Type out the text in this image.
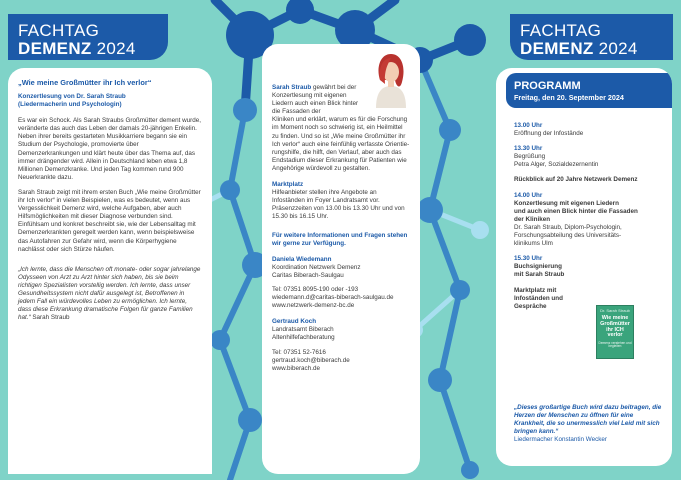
FACHTAG
DEMENZ 2024
„Wie meine Großmütter ihr Ich verlor“
Konzertlesung von Dr. Sarah Straub
(Liedermacherin und Psychologin)

Es war ein Schock. Als Sarah Straubs Großmütter dement wurde, veränderte das auch das Leben der damals 20-jährigen Enkelin. Neben ihrer bereits gestarteten Musikkarriere begann sie ein Studium der Psychologie, promovierte über Demenzerkrankungen und klärt heute über das Thema auf, das immer drängender wird. Allein in Deutschland leben etwa 1,8 Millionen Demenzkranke. Und jeden Tag kommen rund 900 Neuerkrankte dazu.

Sarah Straub zeigt mit ihrem ersten Buch „Wie meine Großmütter ihr Ich verlor“ in vielen Beispielen, was es bedeutet, wenn aus Vergesslichkeit Demenz wird, welche Aufgaben, aber auch Hilfsmöglichkeiten mit dieser Diagnose verbunden sind. Einfühlsam und konkret beschreibt sie, wie der Lebensalltag mit Demenzerkrankten geregelt werden kann, wenn beispielsweise das Autofahren zur Gefahr wird, wenn die Körperhygiene nachlässt oder sich Stürze häufen.

„Ich lernte, dass die Menschen oft monate- oder sogar jahrelange Odysseen von Arzt zu Arzt hinter sich haben, bis sie beim richtigen Spezialisten vorstellig werden. Ich lernte, dass unser Gesundheitssystem nicht dafür ausgelegt ist, Betroffenen in jedem Fall ein würdevolles Leben zu ermöglichen. Ich lernte, dass diese Erkrankung dramatische Folgen für ganze Familien hat.“ Sarah Straub

Sarah Straub gewährt bei der Konzertlesung mit eigenen Liedern auch einen Blick hinter die Fassaden der

Kliniken und erklärt, warum es für die Forschung im Moment noch so schwierig ist, ein Heilmittel zu finden. Und so ist „Wie meine Großmütter ihr Ich verlor“ auch eine feinfühlig verfasste Orientierungshilfe, die hilft, den Verlauf, aber auch das Endstadium dieser Erkrankung für Patienten wie Angehörige würdevoll zu gestalten.

Marktplatz

Hilfeanbieter stellen ihre Angebote an Infoständen im Foyer Landratsamt vor. Präsenzzeiten von 13.00 bis 13.30 Uhr und von 15.30 bis 16.15 Uhr.

Für weitere Informationen und Fragen stehen wir gerne zur Verfügung.

Daniela Wiedemann
Koordination Netzwerk Demenz
Caritas Biberach-Saulgau
Tel: 07351 8095-190 oder -193
wiedemann.d@caritas-biberach-saulgau.de
www.netzwerk-demenz-bc.de
Gertraud Koch
Landratsamt Biberach
Altenhilfefachberatung
Tel: 07351 52-7616
gertraud.koch@biberach.de
www.biberach.de
FACHTAG
DEMENZ 2024
PROGRAMM
Freitag, den 20. September 2024
13.00 Uhr
Eröffnung der Infostände
13.30 Uhr
Begrüßung
Petra Alger, Sozialdezernentin
Rückblick auf 20 Jahre Netzwerk Demenz
14.00 Uhr
Konzertlesung mit eigenen Liedern
und auch einen Blick hinter die Fassaden
der Kliniken
Dr. Sarah Straub, Diplom-Psychologin,
Forschungsabteilung des Universitäts-
klinikums Ulm
15.30 Uhr
Buchsignierung
mit Sarah Straub
Marktplatz mit
Infoständen und
Gespräche
„Dieses großartige Buch wird dazu beitragen, die Herzen der Menschen zu öffnen für eine Krankheit, die so unermesslich viel Leid mit sich bringen kann.“
Liedermacher Konstantin Wecker
Dr. Sarah Straub
Wie meine Großmütter ihr ICH verlor
Demenz verstehen und begleiten
